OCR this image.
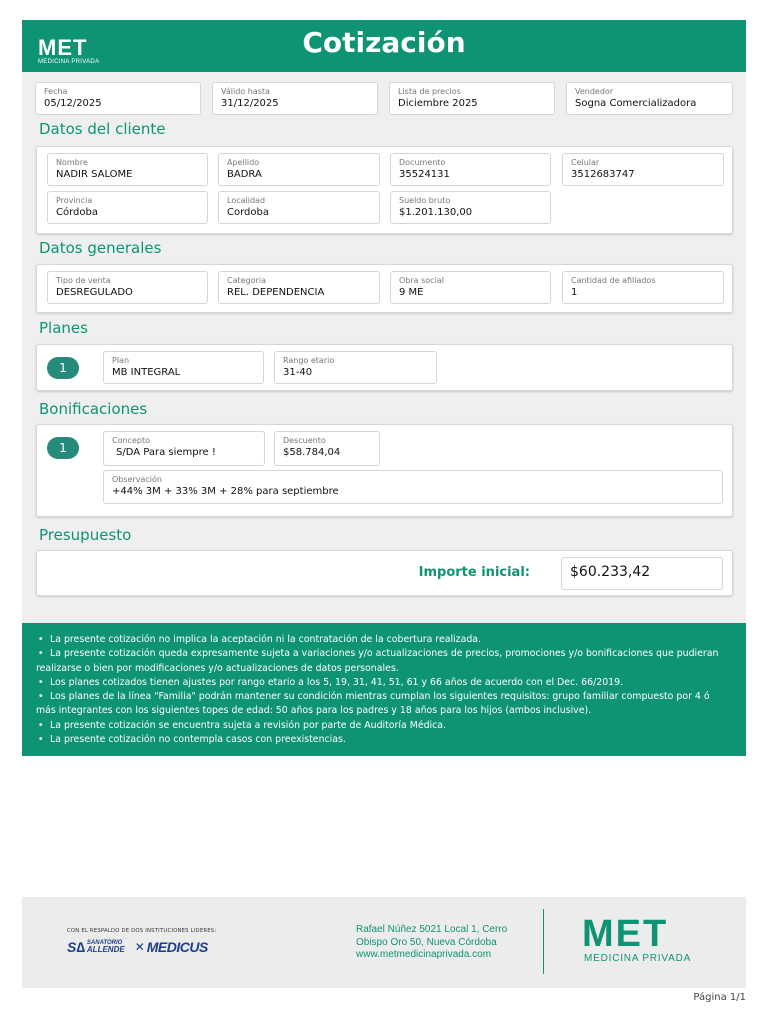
MET
MEDICINA PRIVADA
Cotización
Fecha
05/12/2025
Válido hasta
31/12/2025
Lista de precios
Diciembre 2025
Vendedor
Sogna Comercializadora
Datos del cliente
Nombre
NADIR SALOME
Apellido
BADRA
Documento
35524131
Celular
3512683747
Provincia
Córdoba
Localidad
Cordoba
Sueldo bruto
$1.201.130,00
Datos generales
Tipo de venta
DESREGULADO
Categoria
REL. DEPENDENCIA
Obra social
9 ME
Cantidad de afiliados
1
Planes
1
Plan
MB INTEGRAL
Rango etario
31-40
Bonificaciones
1
Concepto
S/DA Para siempre !
Descuento
$58.784,04
Observación
+44% 3M + 33% 3M + 28% para septiembre
Presupuesto
Importe inicial:	$60.233,42

• La presente cotización no implica la aceptación ni la contratación de la cobertura realizada.

• La presente cotización queda expresamente sujeta a variaciones y/o actualizaciones de precios, promociones y/o bonificaciones que pudieran realizarse o bien por modificaciones y/o actualizaciones de datos personales.

• Los planes cotizados tienen ajustes por rango etario a los 5, 19, 31, 41, 51, 61 y 66 años de acuerdo con el Dec. 66/2019.

• Los planes de la línea "Familia" podrán mantener su condición mientras cumplan los siguientes requisitos: grupo familiar compuesto por 4 ó más integrantes con los siguientes topes de edad: 50 años para los padres y 18 años para los hijos (ambos inclusive).

• La presente cotización se encuentra sujeta a revisión por parte de Auditoría Médica.

• La presente cotización no contempla casos con preexistencias.

CON EL RESPALDO DE DOS INSTITUCIONES LIDERES:
S∆ SANATORIO
ALLENDE ✕ MEDICUS
Rafael Núñez 5021 Local 1, Cerro
Obispo Oro 50, Nueva Córdoba
www.metmedicinaprivada.com	MET
MEDICINA PRIVADA
Página 1/1
